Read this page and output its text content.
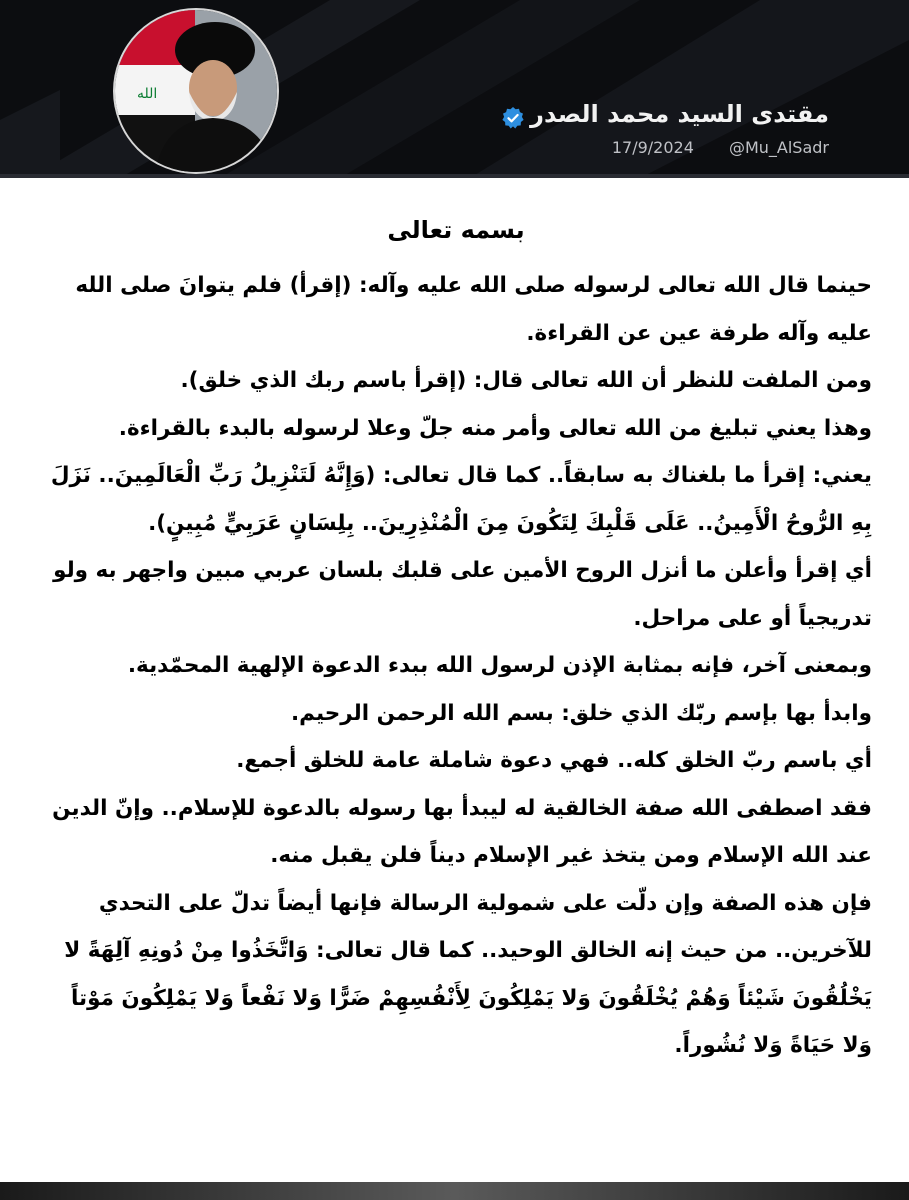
الله
مقتدى السيد محمد الصدر
17/9/2024 @Mu_AlSadr
بسمه تعالى

حينما قال الله تعالى لرسوله صلى الله عليه وآله: (إقرأ) فلم يتوانَ صلى الله عليه وآله طرفة عين عن القراءة.

ومن الملفت للنظر أن الله تعالى قال: (إقرأ باسم ربك الذي خلق).

وهذا يعني تبليغ من الله تعالى وأمر منه جلّ وعلا لرسوله بالبدء بالقراءة.

يعني: إقرأ ما بلغناك به سابقاً.. كما قال تعالى: (وَإِنَّهُ لَتَنْزِيلُ رَبِّ الْعَالَمِينَ.. نَزَلَ بِهِ الرُّوحُ الْأَمِينُ.. عَلَى قَلْبِكَ لِتَكُونَ مِنَ الْمُنْذِرِينَ.. بِلِسَانٍ عَرَبِيٍّ مُبِينٍ).

أي إقرأ وأعلن ما أنزل الروح الأمين على قلبك بلسان عربي مبين واجهر به ولو تدريجياً أو على مراحل.

وبمعنى آخر، فإنه بمثابة الإذن لرسول الله ببدء الدعوة الإلهية المحمّدية.

وابدأ بها بإسم ربّك الذي خلق: بسم الله الرحمن الرحيم.

أي باسم ربّ الخلق كله.. فهي دعوة شاملة عامة للخلق أجمع.

فقد اصطفى الله صفة الخالقية له ليبدأ بها رسوله بالدعوة للإسلام.. وإنّ الدين عند الله الإسلام ومن يتخذ غير الإسلام ديناً فلن يقبل منه.

فإن هذه الصفة وإن دلّت على شمولية الرسالة فإنها أيضاً تدلّ على التحدي للآخرين.. من حيث إنه الخالق الوحيد.. كما قال تعالى: وَاتَّخَذُوا مِنْ دُونِهِ آلِهَةً لا يَخْلُقُونَ شَيْئاً وَهُمْ يُخْلَقُونَ وَلا يَمْلِكُونَ لِأَنْفُسِهِمْ ضَرًّا وَلا نَفْعاً وَلا يَمْلِكُونَ مَوْتاً وَلا حَيَاةً وَلا نُشُوراً.
